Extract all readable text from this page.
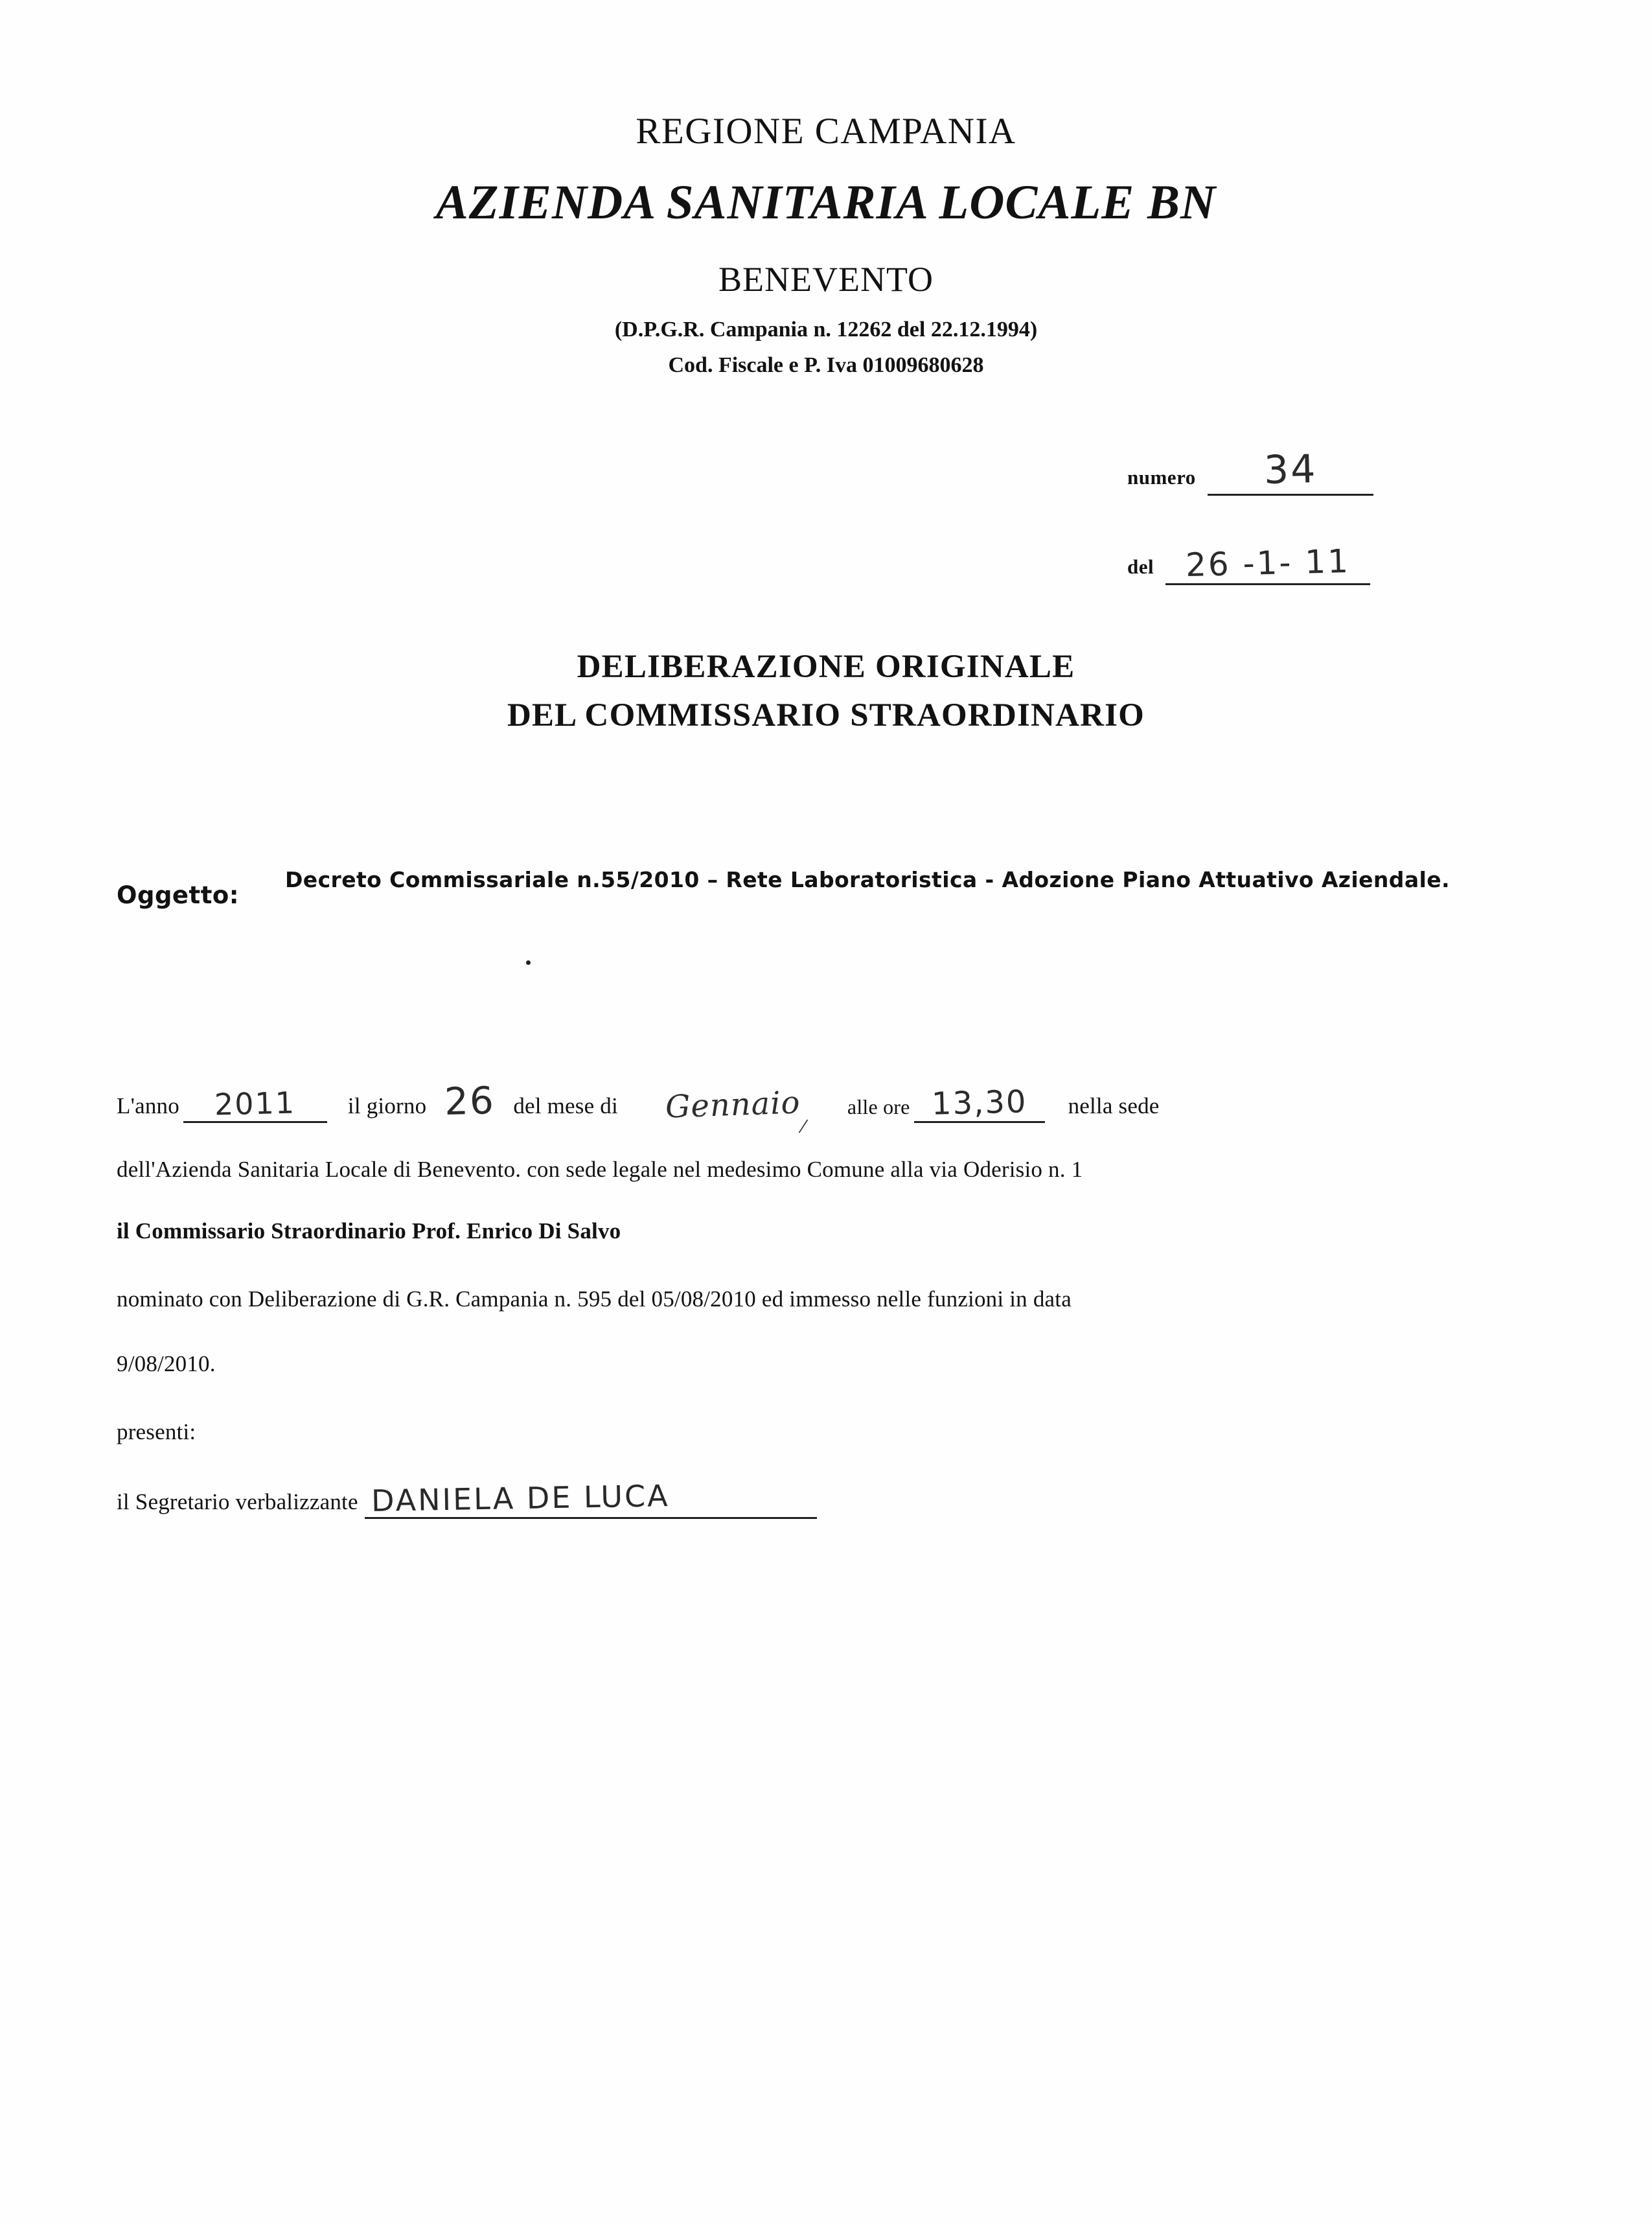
REGIONE CAMPANIA
AZIENDA SANITARIA LOCALE BN
BENEVENTO
(D.P.G.R. Campania n. 12262 del 22.12.1994)
Cod. Fiscale e P. Iva 01009680628
numero	34
del 26 -1- 11
DELIBERAZIONE ORIGINALE
DEL COMMISSARIO STRAORDINARIO
Oggetto:
Decreto Commissariale n.55/2010 – Rete Laboratoristica - Adozione Piano Attuativo Aziendale.
L'anno	2011	il giorno 26 del mese di	Gennaio	alle ore 13,30	nella sede
/
dell'Azienda Sanitaria Locale di Benevento. con sede legale nel medesimo Comune alla via Oderisio n. 1
il Commissario Straordinario Prof. Enrico Di Salvo
nominato con Deliberazione di G.R. Campania n. 595 del 05/08/2010 ed immesso nelle funzioni in data
9/08/2010.
presenti:
il Segretario verbalizzante DANIELA DE LUCA
